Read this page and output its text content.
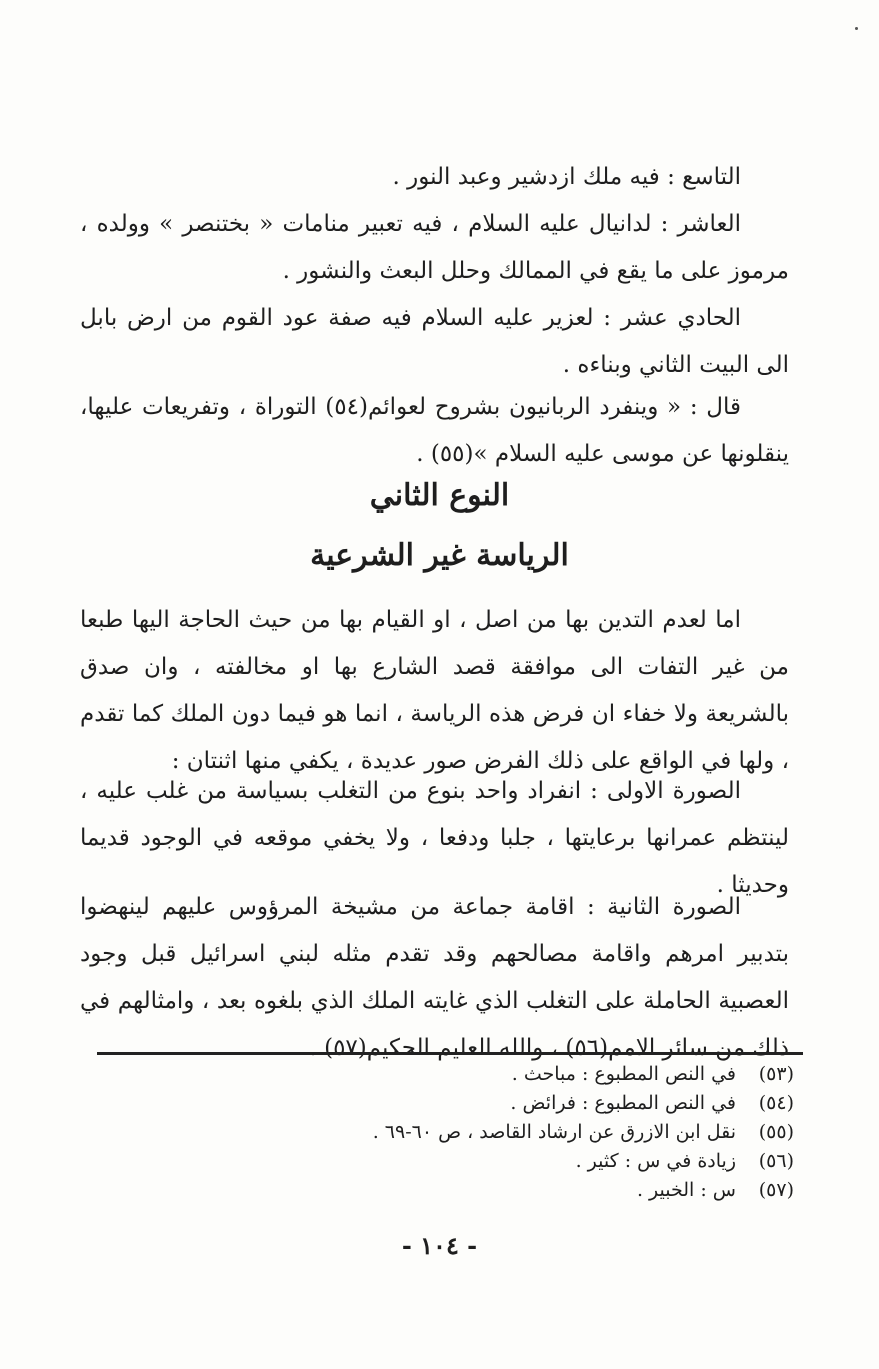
التاسع : فيه ملك ازدشير وعبد النور .

العاشر : لدانيال عليه السلام ، فيه تعبير منامات « بختنصر » وولده ، مرموز على ما يقع في الممالك وحلل البعث والنشور .

الحادي عشر : لعزير عليه السلام فيه صفة عود القوم من ارض بابل الى البيت الثاني وبناءه .

قال : « وينفرد الربانيون بشروح لعوائم(٥٤) التوراة ، وتفريعات عليها، ينقلونها عن موسى عليه السلام »(٥٥) .

النوع الثاني
الرياسة غير الشرعية

اما لعدم التدين بها من اصل ، او القيام بها من حيث الحاجة اليها طبعا من غير التفات الى موافقة قصد الشارع بها او مخالفته ، وان صدق بالشريعة ولا خفاء ان فرض هذه الرياسة ، انما هو فيما دون الملك كما تقدم ، ولها في الواقع على ذلك الفرض صور عديدة ، يكفي منها اثنتان :

الصورة الاولى : انفراد واحد بنوع من التغلب بسياسة من غلب عليه ، لينتظم عمرانها برعايتها ، جلبا ودفعا ، ولا يخفي موقعه في الوجود قديما وحديثا .

الصورة الثانية : اقامة جماعة من مشيخة المرؤوس عليهم لينهضوا بتدبير امرهم واقامة مصالحهم وقد تقدم مثله لبني اسرائيل قبل وجود العصبية الحاملة على التغلب الذي غايته الملك الذي بلغوه بعد ، وامثالهم في ذلك من سائر الامم(٥٦) ، والله العليم الحكيم(٥٧) .

(٥٣)
في النص المطبوع : مباحث .
(٥٤)
في النص المطبوع : فرائض .
(٥٥)
نقل ابن الازرق عن ارشاد القاصد ، ص ٦٠-٦٩ .
(٥٦)
زيادة في س : كثير .
(٥٧)
س : الخبير .
- ١٠٤ -
